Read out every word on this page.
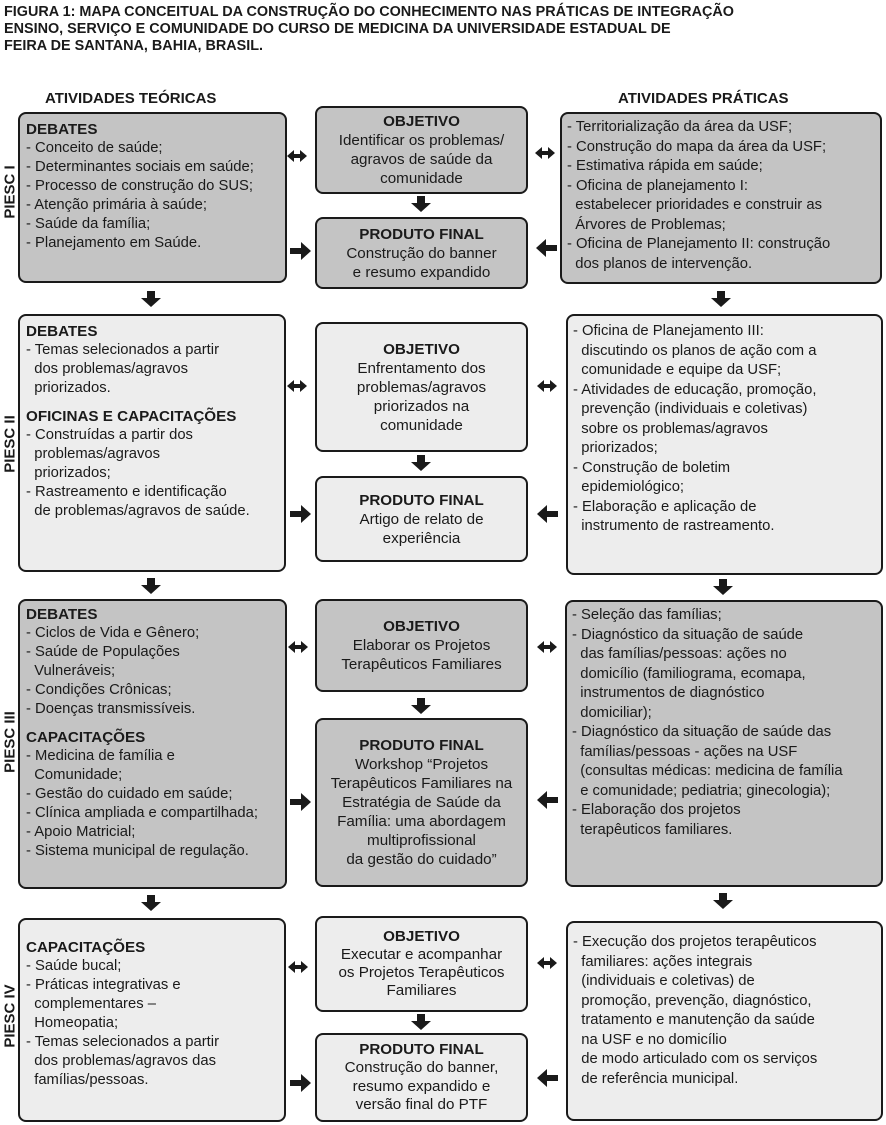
FIGURA 1: MAPA CONCEITUAL DA CONSTRUÇÃO DO CONHECIMENTO NAS PRÁTICAS DE INTEGRAÇÃO
ENSINO, SERVIÇO E COMUNIDADE DO CURSO DE MEDICINA DA UNIVERSIDADE ESTADUAL DE
FEIRA DE SANTANA, BAHIA, BRASIL.
ATIVIDADES TEÓRICAS	ATIVIDADES PRÁTICAS
PIESC I
DEBATES
- Conceito de saúde;
- Determinantes sociais em saúde;
- Processo de construção do SUS;
- Atenção primária à saúde;
- Saúde da família;
- Planejamento em Saúde.
OBJETIVO
Identificar os problemas/
agravos de saúde da
comunidade
PRODUTO FINAL
Construção do banner
e resumo expandido
- Territorialização da área da USF;
- Construção do mapa da área da USF;
- Estimativa rápida em saúde;
- Oficina de planejamento I:
estabelecer prioridades e construir as
Árvores de Problemas;
- Oficina de Planejamento II: construção
dos planos de intervenção.
PIESC II
DEBATES
- Temas selecionados a partir
dos problemas/agravos
priorizados.
OFICINAS E CAPACITAÇÕES
- Construídas a partir dos
problemas/agravos
priorizados;
- Rastreamento e identificação
de problemas/agravos de saúde.
OBJETIVO
Enfrentamento dos
problemas/agravos
priorizados na
comunidade
PRODUTO FINAL
Artigo de relato de
experiência
- Oficina de Planejamento III:
discutindo os planos de ação com a
comunidade e equipe da USF;
- Atividades de educação, promoção,
prevenção (individuais e coletivas)
sobre os problemas/agravos
priorizados;
- Construção de boletim
epidemiológico;
- Elaboração e aplicação de
instrumento de rastreamento.
PIESC III
DEBATES
- Ciclos de Vida e Gênero;
- Saúde de Populações
Vulneráveis;
- Condições Crônicas;
- Doenças transmissíveis.
CAPACITAÇÕES
- Medicina de família e
Comunidade;
- Gestão do cuidado em saúde;
- Clínica ampliada e compartilhada;
- Apoio Matricial;
- Sistema municipal de regulação.
OBJETIVO
Elaborar os Projetos
Terapêuticos Familiares
PRODUTO FINAL
Workshop “Projetos
Terapêuticos Familiares na
Estratégia de Saúde da
Família: uma abordagem
multiprofissional
da gestão do cuidado”
- Seleção das famílias;
- Diagnóstico da situação de saúde
das famílias/pessoas: ações no
domicílio (familiograma, ecomapa,
instrumentos de diagnóstico
domiciliar);
- Diagnóstico da situação de saúde das
famílias/pessoas - ações na USF
(consultas médicas: medicina de família
e comunidade; pediatria; ginecologia);
- Elaboração dos projetos
terapêuticos familiares.
PIESC IV
CAPACITAÇÕES
- Saúde bucal;
- Práticas integrativas e
complementares –
Homeopatia;
- Temas selecionados a partir
dos problemas/agravos das
famílias/pessoas.
OBJETIVO
Executar e acompanhar
os Projetos Terapêuticos
Familiares
PRODUTO FINAL
Construção do banner,
resumo expandido e
versão final do PTF
- Execução dos projetos terapêuticos
familiares: ações integrais
(individuais e coletivas) de
promoção, prevenção, diagnóstico,
tratamento e manutenção da saúde
na USF e no domicílio
de modo articulado com os serviços
de referência municipal.
